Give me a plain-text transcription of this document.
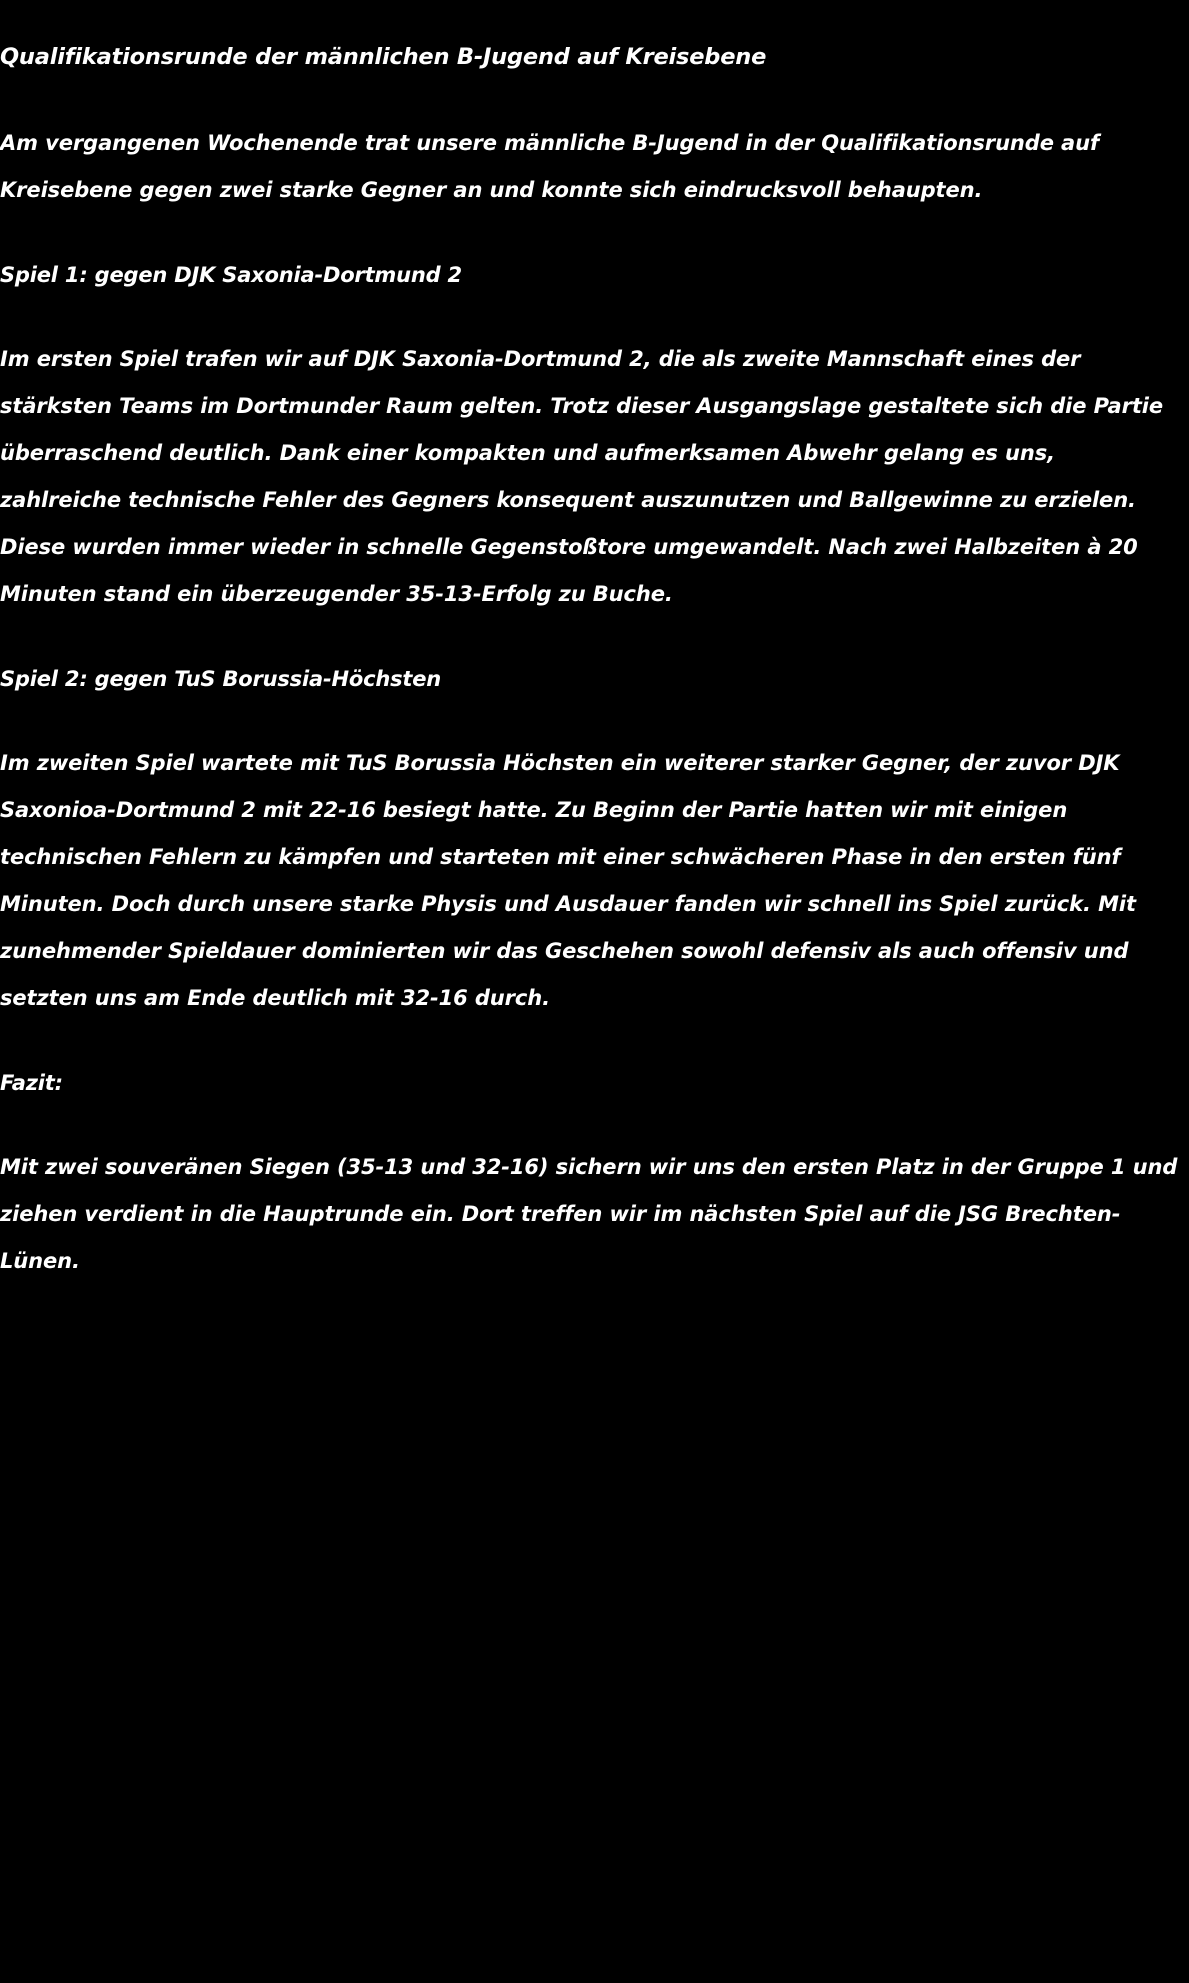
Qualifikationsrunde der männlichen B-Jugend auf Kreisebene

Am vergangenen Wochenende trat unsere männliche B-Jugend in der Qualifikationsrunde auf Kreisebene gegen zwei starke Gegner an und konnte sich eindrucksvoll behaupten.

Spiel 1: gegen DJK Saxonia-Dortmund 2

Im ersten Spiel trafen wir auf DJK Saxonia-Dortmund 2, die als zweite Mannschaft eines der stärksten Teams im Dortmunder Raum gelten. Trotz dieser Ausgangslage gestaltete sich die Partie überraschend deutlich. Dank einer kompakten und aufmerksamen Abwehr gelang es uns, zahlreiche technische Fehler des Gegners konsequent auszunutzen und Ballgewinne zu erzielen. Diese wurden immer wieder in schnelle Gegenstoßtore umgewandelt. Nach zwei Halbzeiten à 20 Minuten stand ein überzeugender 35-13-Erfolg zu Buche.

Spiel 2: gegen TuS Borussia-Höchsten

Im zweiten Spiel wartete mit TuS Borussia Höchsten ein weiterer starker Gegner, der zuvor DJK Saxonioa-Dortmund 2 mit 22-16 besiegt hatte. Zu Beginn der Partie hatten wir mit einigen technischen Fehlern zu kämpfen und starteten mit einer schwächeren Phase in den ersten fünf Minuten. Doch durch unsere starke Physis und Ausdauer fanden wir schnell ins Spiel zurück. Mit zunehmender Spieldauer dominierten wir das Geschehen sowohl defensiv als auch offensiv und setzten uns am Ende deutlich mit 32-16 durch.

Fazit:

Mit zwei souveränen Siegen (35-13 und 32-16) sichern wir uns den ersten Platz in der Gruppe 1 und ziehen verdient in die Hauptrunde ein. Dort treffen wir im nächsten Spiel auf die JSG Brechten-Lünen.
